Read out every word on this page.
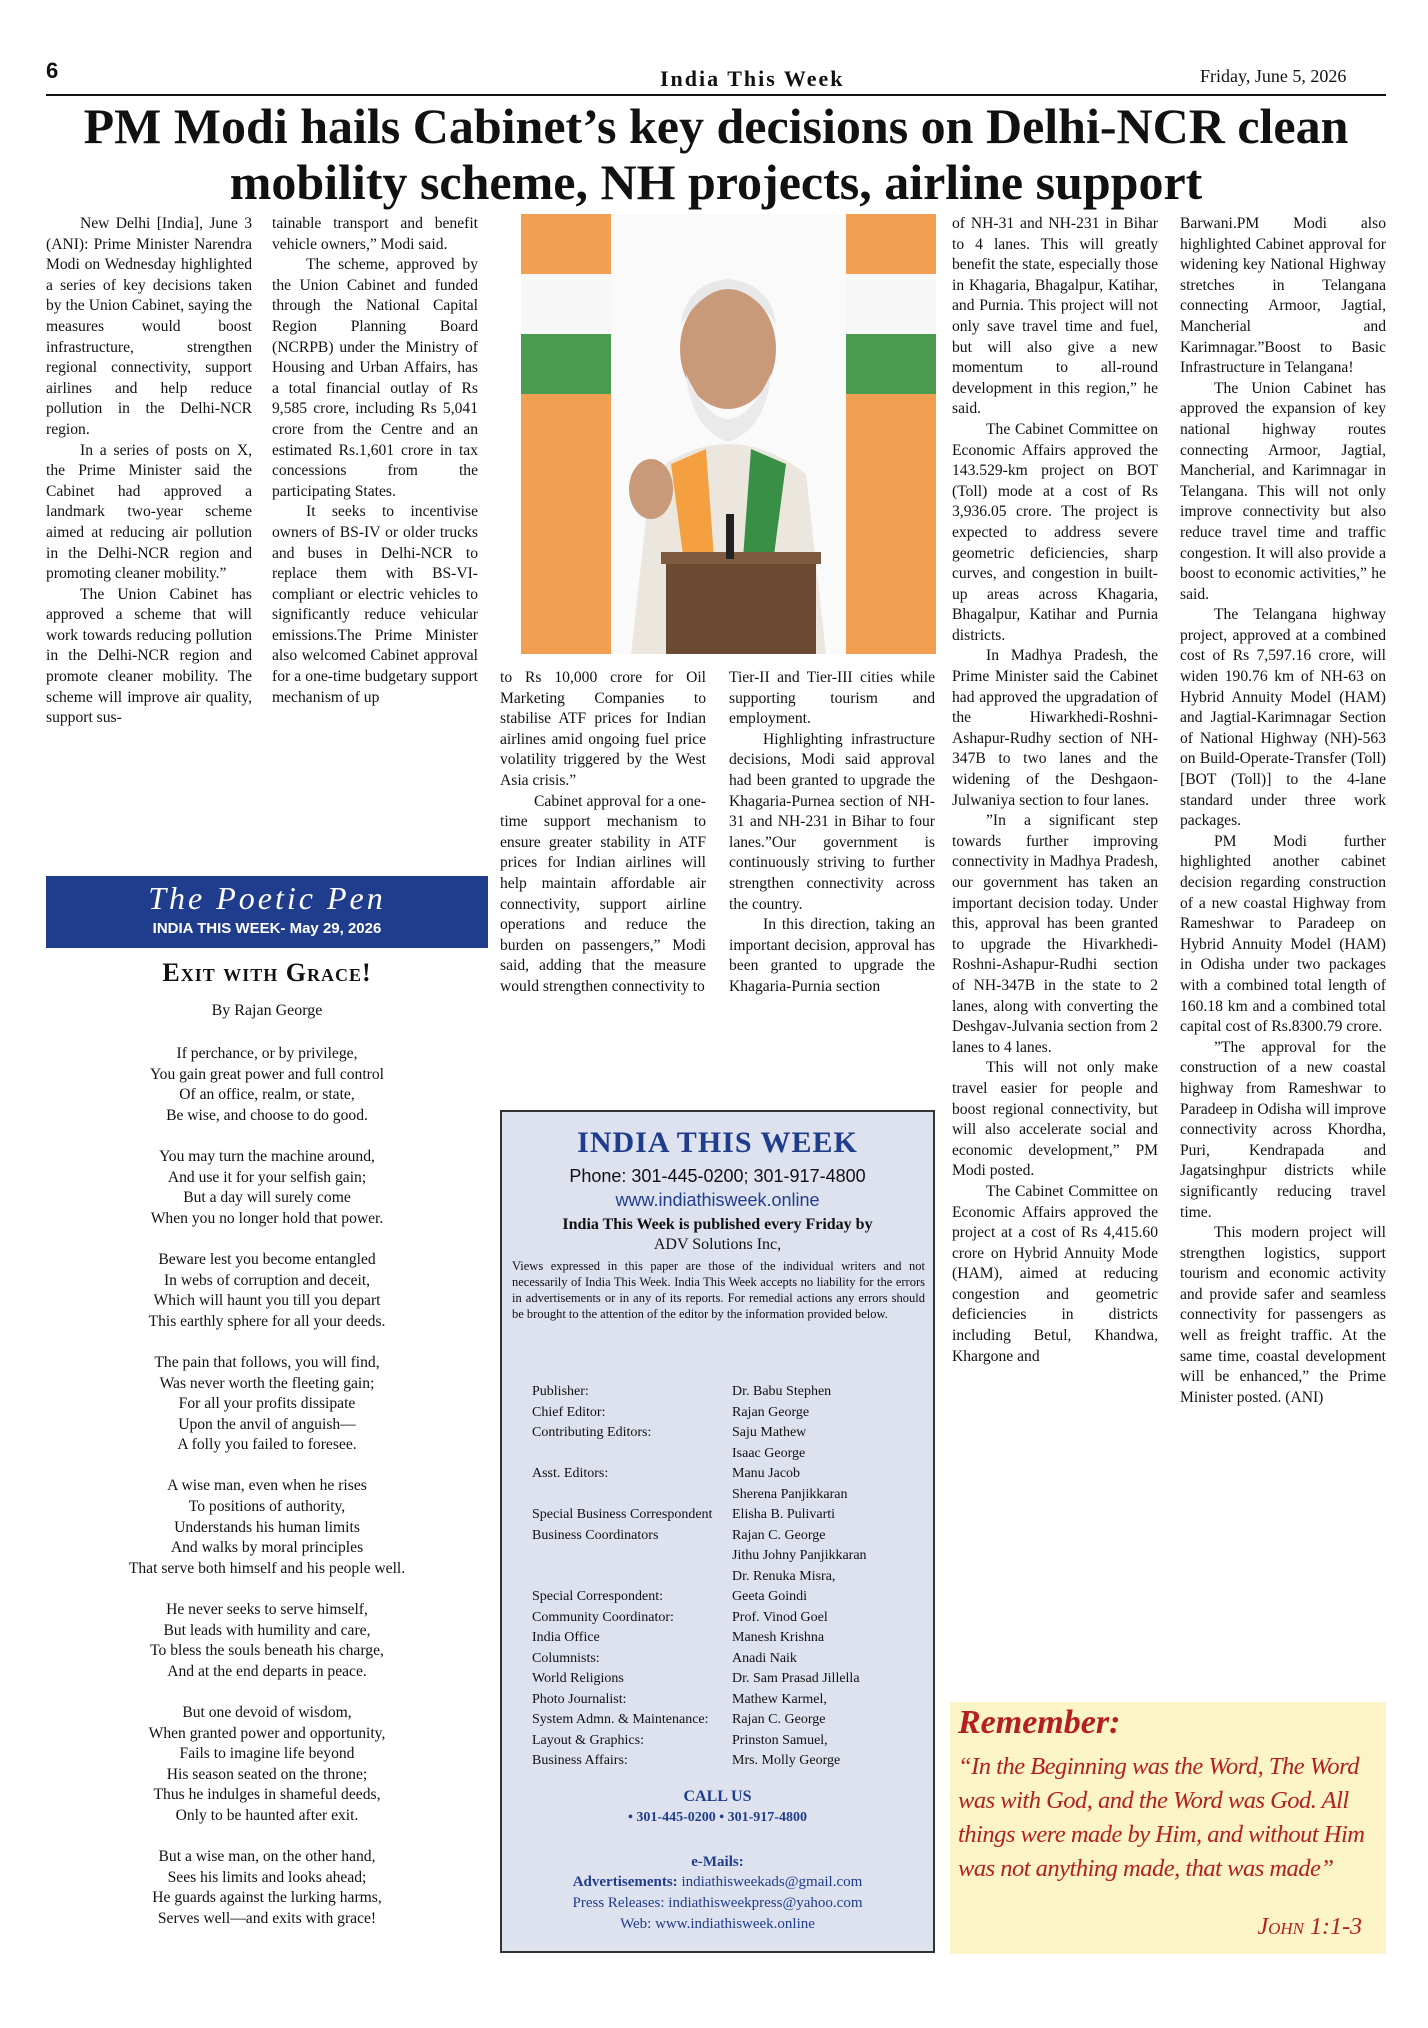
6	India This Week	Friday, June 5, 2026
PM Modi hails Cabinet’s key decisions on Delhi-NCR clean mobility scheme, NH projects, airline support

New Delhi [India], June 3 (ANI): Prime Minister Narendra Modi on Wednesday highlighted a series of key decisions taken by the Union Cabinet, saying the measures would boost infrastructure, strengthen regional connectivity, support airlines and help reduce pollution in the Delhi-NCR region.

In a series of posts on X, the Prime Minister said the Cabinet had approved a landmark two-year scheme aimed at reducing air pollution in the Delhi-NCR region and promoting cleaner mobility.”

The Union Cabinet has approved a scheme that will work towards reducing pollution in the Delhi-NCR region and promote cleaner mobility. The scheme will improve air quality, support sus-

tainable transport and benefit vehicle owners,” Modi said.

The scheme, approved by the Union Cabinet and funded through the National Capital Region Planning Board (NCRPB) under the Ministry of Housing and Urban Affairs, has a total financial outlay of Rs 9,585 crore, including Rs 5,041 crore from the Centre and an estimated Rs.1,601 crore in tax concessions from the participating States.

It seeks to incentivise owners of BS-IV or older trucks and buses in Delhi-NCR to replace them with BS-VI-compliant or electric vehicles to significantly reduce vehicular emissions.The Prime Minister also welcomed Cabinet approval for a one-time budgetary support mechanism of up

to Rs 10,000 crore for Oil Marketing Companies to stabilise ATF prices for Indian airlines amid ongoing fuel price volatility triggered by the West Asia crisis.”

Cabinet approval for a one-time support mechanism to ensure greater stability in ATF prices for Indian airlines will help maintain affordable air connectivity, support airline operations and reduce the burden on passengers,” Modi said, adding that the measure would strengthen connectivity to

Tier-II and Tier-III cities while supporting tourism and employment.

Highlighting infrastructure decisions, Modi said approval had been granted to upgrade the Khagaria-Purnea section of NH-31 and NH-231 in Bihar to four lanes.”Our government is continuously striving to further strengthen connectivity across the country.

In this direction, taking an important decision, approval has been granted to upgrade the Khagaria-Purnia section

of NH-31 and NH-231 in Bihar to 4 lanes. This will greatly benefit the state, especially those in Khagaria, Bhagalpur, Katihar, and Purnia. This project will not only save travel time and fuel, but will also give a new momentum to all-round development in this region,” he said.

The Cabinet Committee on Economic Affairs approved the 143.529-km project on BOT (Toll) mode at a cost of Rs 3,936.05 crore. The project is expected to address severe geometric deficiencies, sharp curves, and congestion in built-up areas across Khagaria, Bhagalpur, Katihar and Purnia districts.

In Madhya Pradesh, the Prime Minister said the Cabinet had approved the upgradation of the Hiwarkhedi-Roshni-Ashapur-Rudhy section of NH-347B to two lanes and the widening of the Deshgaon-Julwaniya section to four lanes.

”In a significant step towards further improving connectivity in Madhya Pradesh, our government has taken an important decision today. Under this, approval has been granted to upgrade the Hivarkhedi-Roshni-Ashapur-Rudhi section of NH-347B in the state to 2 lanes, along with converting the Deshgav-Julvania section from 2 lanes to 4 lanes.

This will not only make travel easier for people and boost regional connectivity, but will also accelerate social and economic development,” PM Modi posted.

The Cabinet Committee on Economic Affairs approved the project at a cost of Rs 4,415.60 crore on Hybrid Annuity Mode (HAM), aimed at reducing congestion and geometric deficiencies in districts including Betul, Khandwa, Khargone and

Barwani.PM Modi also highlighted Cabinet approval for widening key National Highway stretches in Telangana connecting Armoor, Jagtial, Mancherial and Karimnagar.”Boost to Basic Infrastructure in Telangana!

The Union Cabinet has approved the expansion of key national highway routes connecting Armoor, Jagtial, Mancherial, and Karimnagar in Telangana. This will not only improve connectivity but also reduce travel time and traffic congestion. It will also provide a boost to economic activities,” he said.

The Telangana highway project, approved at a combined cost of Rs 7,597.16 crore, will widen 190.76 km of NH-63 on Hybrid Annuity Model (HAM) and Jagtial-Karimnagar Section of National Highway (NH)-563 on Build-Operate-Transfer (Toll) [BOT (Toll)] to the 4-lane standard under three work packages.

PM Modi further highlighted another cabinet decision regarding construction of a new coastal Highway from Rameshwar to Paradeep on Hybrid Annuity Model (HAM) in Odisha under two packages with a combined total length of 160.18 km and a combined total capital cost of Rs.8300.79 crore.

”The approval for the construction of a new coastal highway from Rameshwar to Paradeep in Odisha will improve connectivity across Khordha, Puri, Kendrapada and Jagatsinghpur districts while significantly reducing travel time.

This modern project will strengthen logistics, support tourism and economic activity and provide safer and seamless connectivity for passengers as well as freight traffic. At the same time, coastal development will be enhanced,” the Prime Minister posted. (ANI)

The Poetic Pen
INDIA THIS WEEK- May 29, 2026
Exit with Grace!
By Rajan George
If perchance, or by privilege,
You gain great power and full control
Of an office, realm, or state,
Be wise, and choose to do good.
You may turn the machine around,
And use it for your selfish gain;
But a day will surely come
When you no longer hold that power.
Beware lest you become entangled
In webs of corruption and deceit,
Which will haunt you till you depart
This earthly sphere for all your deeds.
The pain that follows, you will find,
Was never worth the fleeting gain;
For all your profits dissipate
Upon the anvil of anguish—
A folly you failed to foresee.
A wise man, even when he rises
To positions of authority,
Understands his human limits
And walks by moral principles
That serve both himself and his people well.
He never seeks to serve himself,
But leads with humility and care,
To bless the souls beneath his charge,
And at the end departs in peace.
But one devoid of wisdom,
When granted power and opportunity,
Fails to imagine life beyond
His season seated on the throne;
Thus he indulges in shameful deeds,
Only to be haunted after exit.
But a wise man, on the other hand,
Sees his limits and looks ahead;
He guards against the lurking harms,
Serves well—and exits with grace!
INDIA THIS WEEK
Phone: 301-445-0200; 301-917-4800
www.indiathisweek.online
India This Week is published every Friday by
ADV Solutions Inc,
Views expressed in this paper are those of the individual writers and not necessarily of India This Week. India This Week accepts no liability for the errors in advertisements or in any of its reports. For remedial actions any errors should be brought to the attention of the editor by the information provided below.
Publisher:	Dr. Babu Stephen
Chief Editor:	Rajan George
Contributing Editors:	Saju Mathew
Isaac George
Asst. Editors:	Manu Jacob
Sherena Panjikkaran
Special Business Correspondent	Elisha B. Pulivarti
Business Coordinators	Rajan C. George
Jithu Johny Panjikkaran
Dr. Renuka Misra,
Special Correspondent:	Geeta Goindi
Community Coordinator:	Prof. Vinod Goel
India Office	Manesh Krishna
Columnists:	Anadi Naik
World Religions	Dr. Sam Prasad Jillella
Photo Journalist:	Mathew Karmel,
System Admn. & Maintenance:	Rajan C. George
Layout & Graphics:	Prinston Samuel,
Business Affairs:	Mrs. Molly George
CALL US
• 301-445-0200 • 301-917-4800
e-Mails:
Advertisements: indiathisweekads@gmail.com
Press Releases: indiathisweekpress@yahoo.com
Web: www.indiathisweek.online
Remember:
“In the Beginning was the Word, The Word was with God, and the Word was God. All things were made by Him, and without Him was not anything made, that was made”
John 1:1-3
